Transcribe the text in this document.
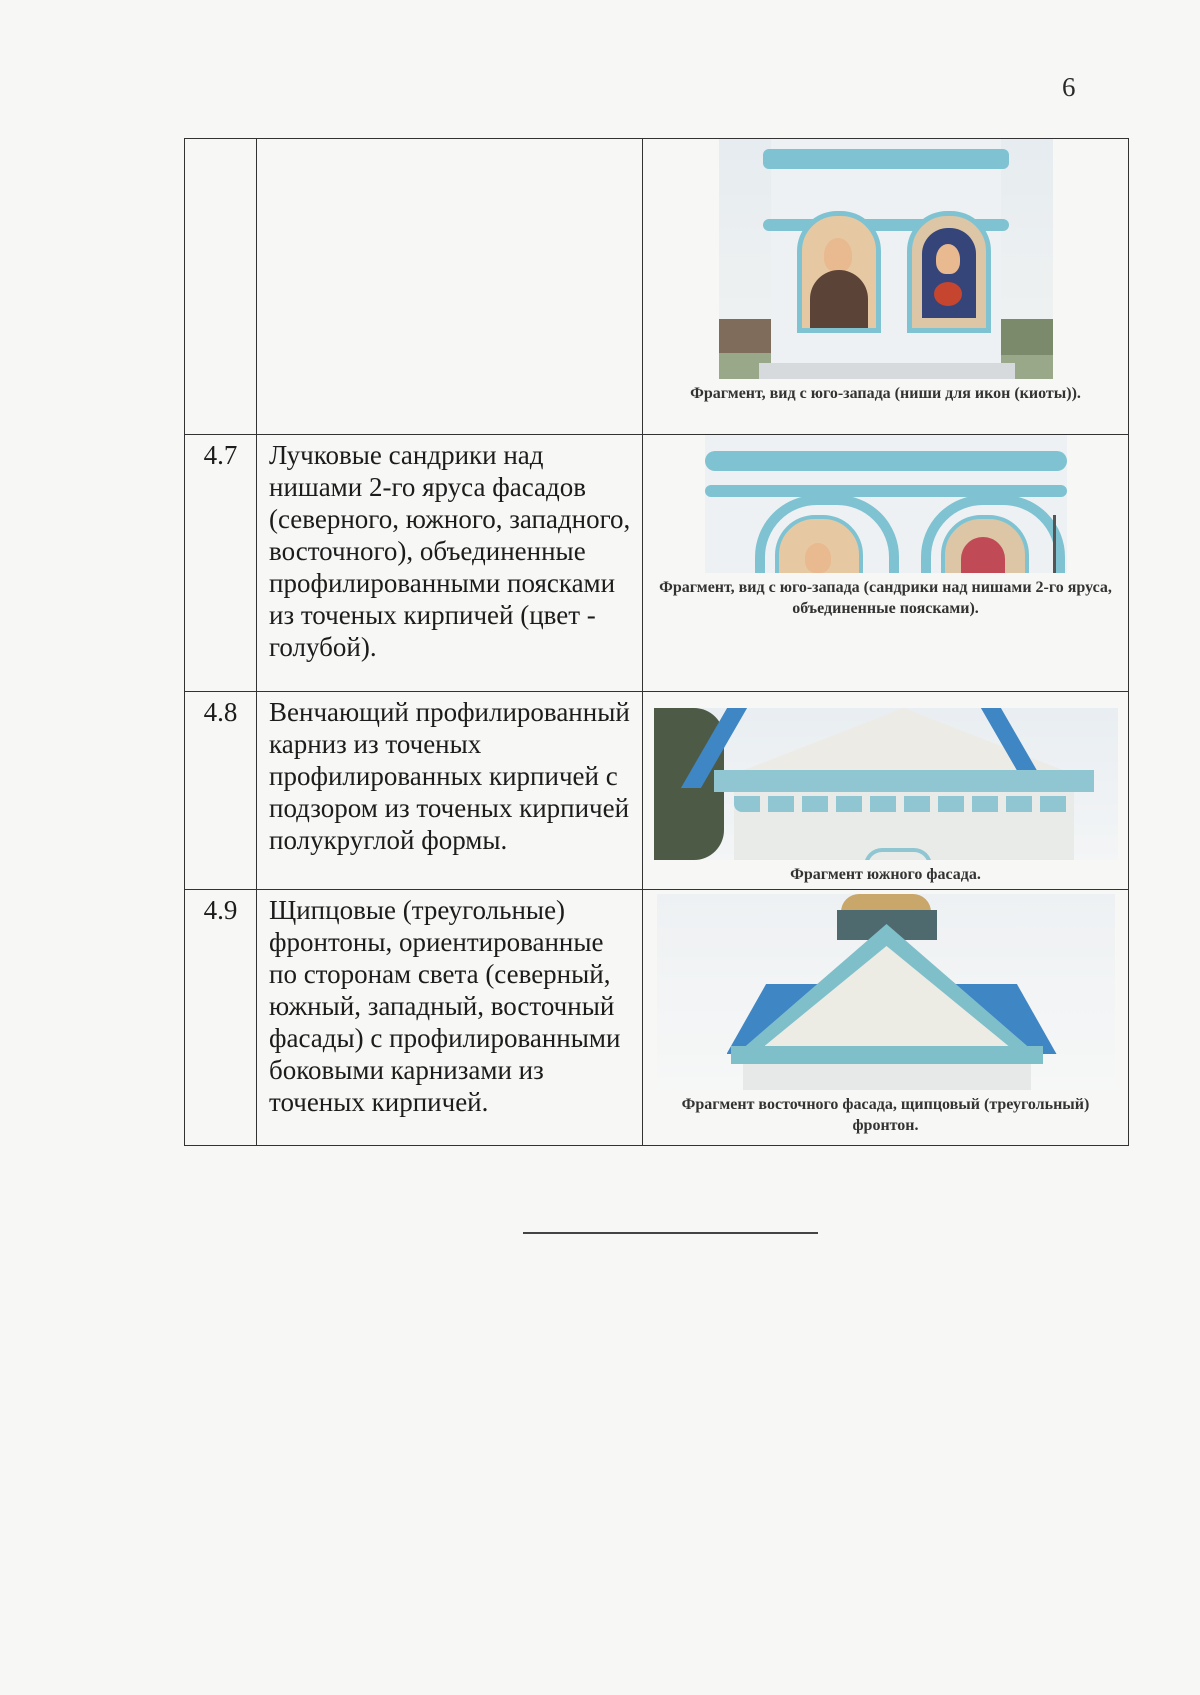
6

		Фрагмент, вид с юго-запада (ниши для икон (киоты)).

4.7	Лучковые сандрики над нишами 2-го яруса фасадов (северного, южного, западного, восточного), объединенные профилированными поясками из точеных кирпичей (цвет - голубой).	Фрагмент, вид с юго-запада (сандрики над нишами 2-го яруса, объединенные поясками).

4.8	Венчающий профилированный карниз из точеных профилированных кирпичей с подзором из точеных кирпичей полукруглой формы.	Фрагмент южного фасада.

4.9	Щипцовые (треугольные) фронтоны, ориентированные по сторонам света (северный, южный, западный, восточный фасады) с профилированными боковыми карнизами из точеных кирпичей.	Фрагмент восточного фасада, щипцовый (треугольный) фронтон.
